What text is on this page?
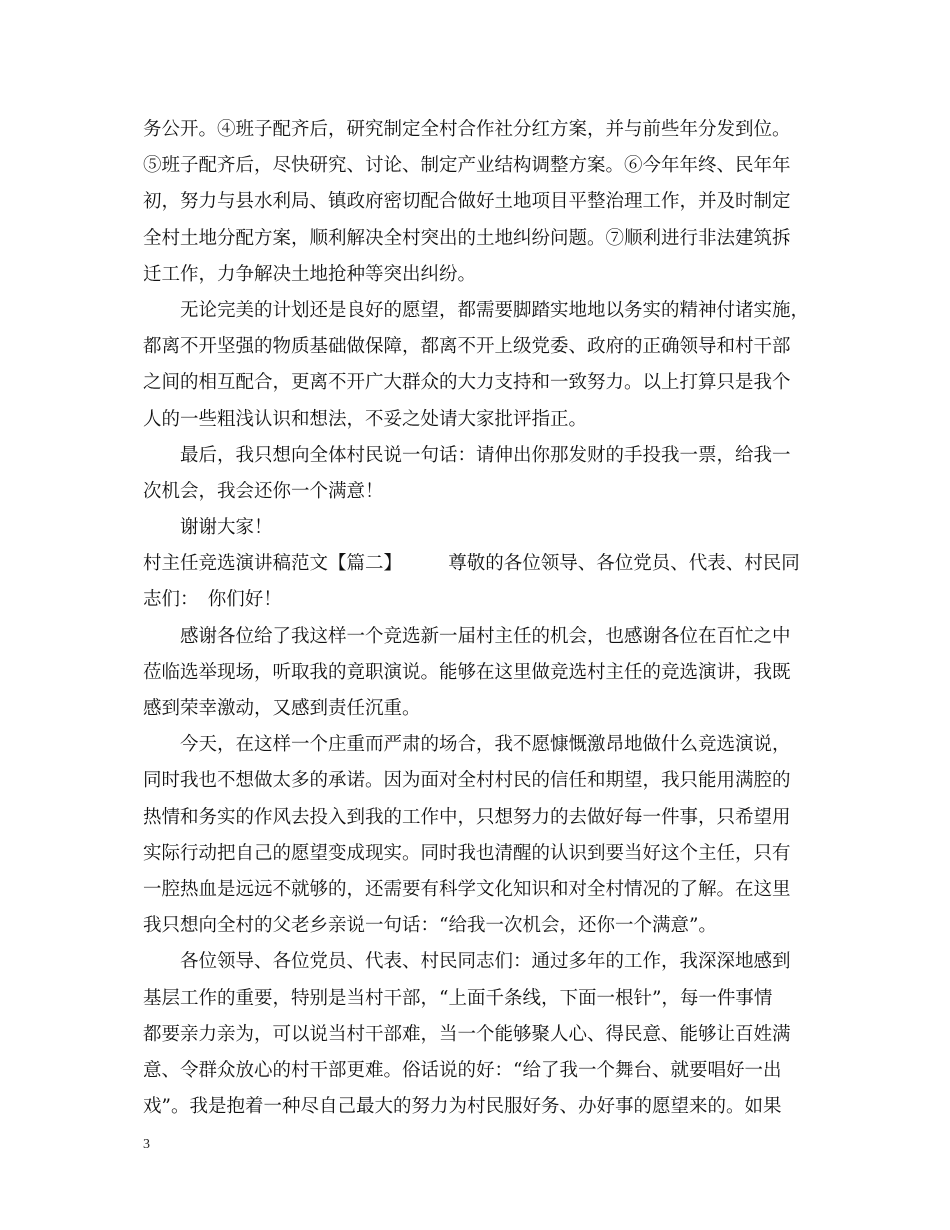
务公开。④班子配齐后，研究制定全村合作社分红方案，并与前些年分发到位。
⑤班子配齐后，尽快研究、讨论、制定产业结构调整方案。⑥今年年终、民年年
初，努力与县水利局、镇政府密切配合做好土地项目平整治理工作，并及时制定
全村土地分配方案，顺利解决全村突出的土地纠纷问题。⑦顺利进行非法建筑拆
迁工作，力争解决土地抢种等突出纠纷。
无论完美的计划还是良好的愿望，都需要脚踏实地地以务实的精神付诸实施，
都离不开坚强的物质基础做保障，都离不开上级党委、政府的正确领导和村干部
之间的相互配合，更离不开广大群众的大力支持和一致努力。以上打算只是我个
人的一些粗浅认识和想法，不妥之处请大家批评指正。
最后，我只想向全体村民说一句话：请伸出你那发财的手投我一票，给我一
次机会，我会还你一个满意！
谢谢大家！
村主任竞选演讲稿范文【篇二】　　　尊敬的各位领导、各位党员、代表、村民同
志们：　你们好！
感谢各位给了我这样一个竞选新一届村主任的机会，也感谢各位在百忙之中
莅临选举现场，听取我的竟职演说。能够在这里做竞选村主任的竞选演讲，我既
感到荣幸激动，又感到责任沉重。
今天，在这样一个庄重而严肃的场合，我不愿慷慨激昂地做什么竞选演说，
同时我也不想做太多的承诺。因为面对全村村民的信任和期望，我只能用满腔的
热情和务实的作风去投入到我的工作中，只想努力的去做好每一件事，只希望用
实际行动把自己的愿望变成现实。同时我也清醒的认识到要当好这个主任，只有
一腔热血是远远不就够的，还需要有科学文化知识和对全村情况的了解。在这里
我只想向全村的父老乡亲说一句话：“给我一次机会，还你一个满意”。
各位领导、各位党员、代表、村民同志们：通过多年的工作，我深深地感到
基层工作的重要，特别是当村干部，“上面千条线，下面一根针”，每一件事情
都要亲力亲为，可以说当村干部难，当一个能够聚人心、得民意、能够让百姓满
意、令群众放心的村干部更难。俗话说的好：“给了我一个舞台、就要唱好一出
戏”。我是抱着一种尽自己最大的努力为村民服好务、办好事的愿望来的。如果
3
